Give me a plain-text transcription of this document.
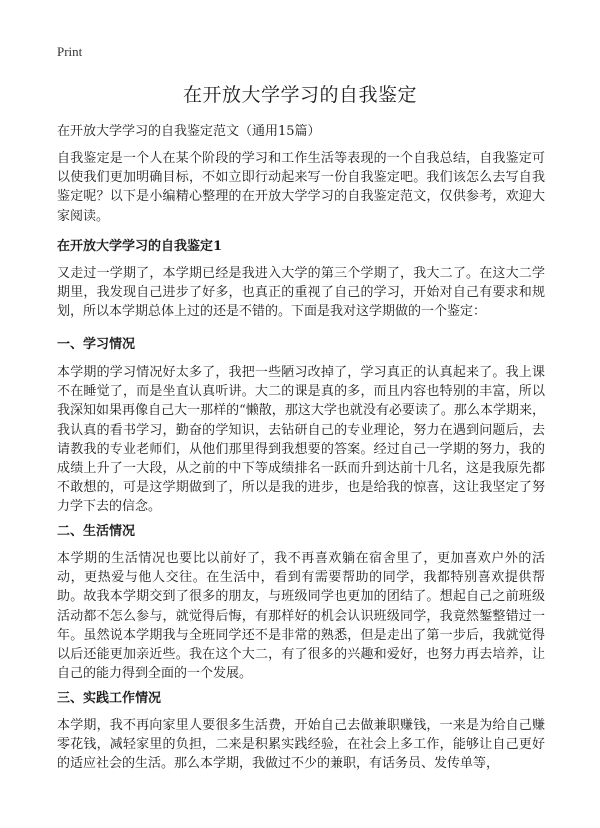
Print
在开放大学学习的自我鉴定

在开放大学学习的自我鉴定范文（通用15篇）

自我鉴定是一个人在某个阶段的学习和工作生活等表现的一个自我总结，自我鉴定可以使我们更加明确目标，不如立即行动起来写一份自我鉴定吧。我们该怎么去写自我鉴定呢？以下是小编精心整理的在开放大学学习的自我鉴定范文，仅供参考，欢迎大家阅读。

在开放大学学习的自我鉴定1

又走过一学期了，本学期已经是我进入大学的第三个学期了，我大二了。在这大二学期里，我发现自己进步了好多，也真正的重视了自己的学习，开始对自己有要求和规划，所以本学期总体上过的还是不错的。下面是我对这学期做的一个鉴定：

一、学习情况

本学期的学习情况好太多了，我把一些陋习改掉了，学习真正的认真起来了。我上课不在睡觉了，而是坐直认真听讲。大二的课是真的多，而且内容也特别的丰富，所以我深知如果再像自己大一那样的“懒散，那这大学也就没有必要读了。那么本学期来，我认真的看书学习，勤奋的学知识，去钻研自己的专业理论，努力在遇到问题后，去请教我的专业老师们，从他们那里得到我想要的答案。经过自己一学期的努力，我的成绩上升了一大段，从之前的中下等成绩排名一跃而升到达前十几名，这是我原先都不敢想的，可是这学期做到了，所以是我的进步，也是给我的惊喜，这让我坚定了努力学下去的信念。

二、生活情况

本学期的生活情况也要比以前好了，我不再喜欢躺在宿舍里了，更加喜欢户外的活动，更热爱与他人交往。在生活中，看到有需要帮助的同学，我都特别喜欢提供帮助。故我本学期交到了很多的朋友，与班级同学也更加的团结了。想起自己之前班级活动都不怎么参与，就觉得后悔，有那样好的机会认识班级同学，我竟然錾整错过一年。虽然说本学期我与全班同学还不是非常的熟悉，但是走出了第一步后，我就觉得以后还能更加亲近些。我在这个大二，有了很多的兴趣和爱好，也努力再去培养，让自己的能力得到全面的一个发展。

三、实践工作情况

本学期，我不再向家里人要很多生活费，开始自己去做兼职赚钱，一来是为给自己赚零花钱，减轻家里的负担，二来是积累实践经验，在社会上多工作，能够让自己更好的适应社会的生活。那么本学期，我做过不少的兼职，有话务员、发传单等，
